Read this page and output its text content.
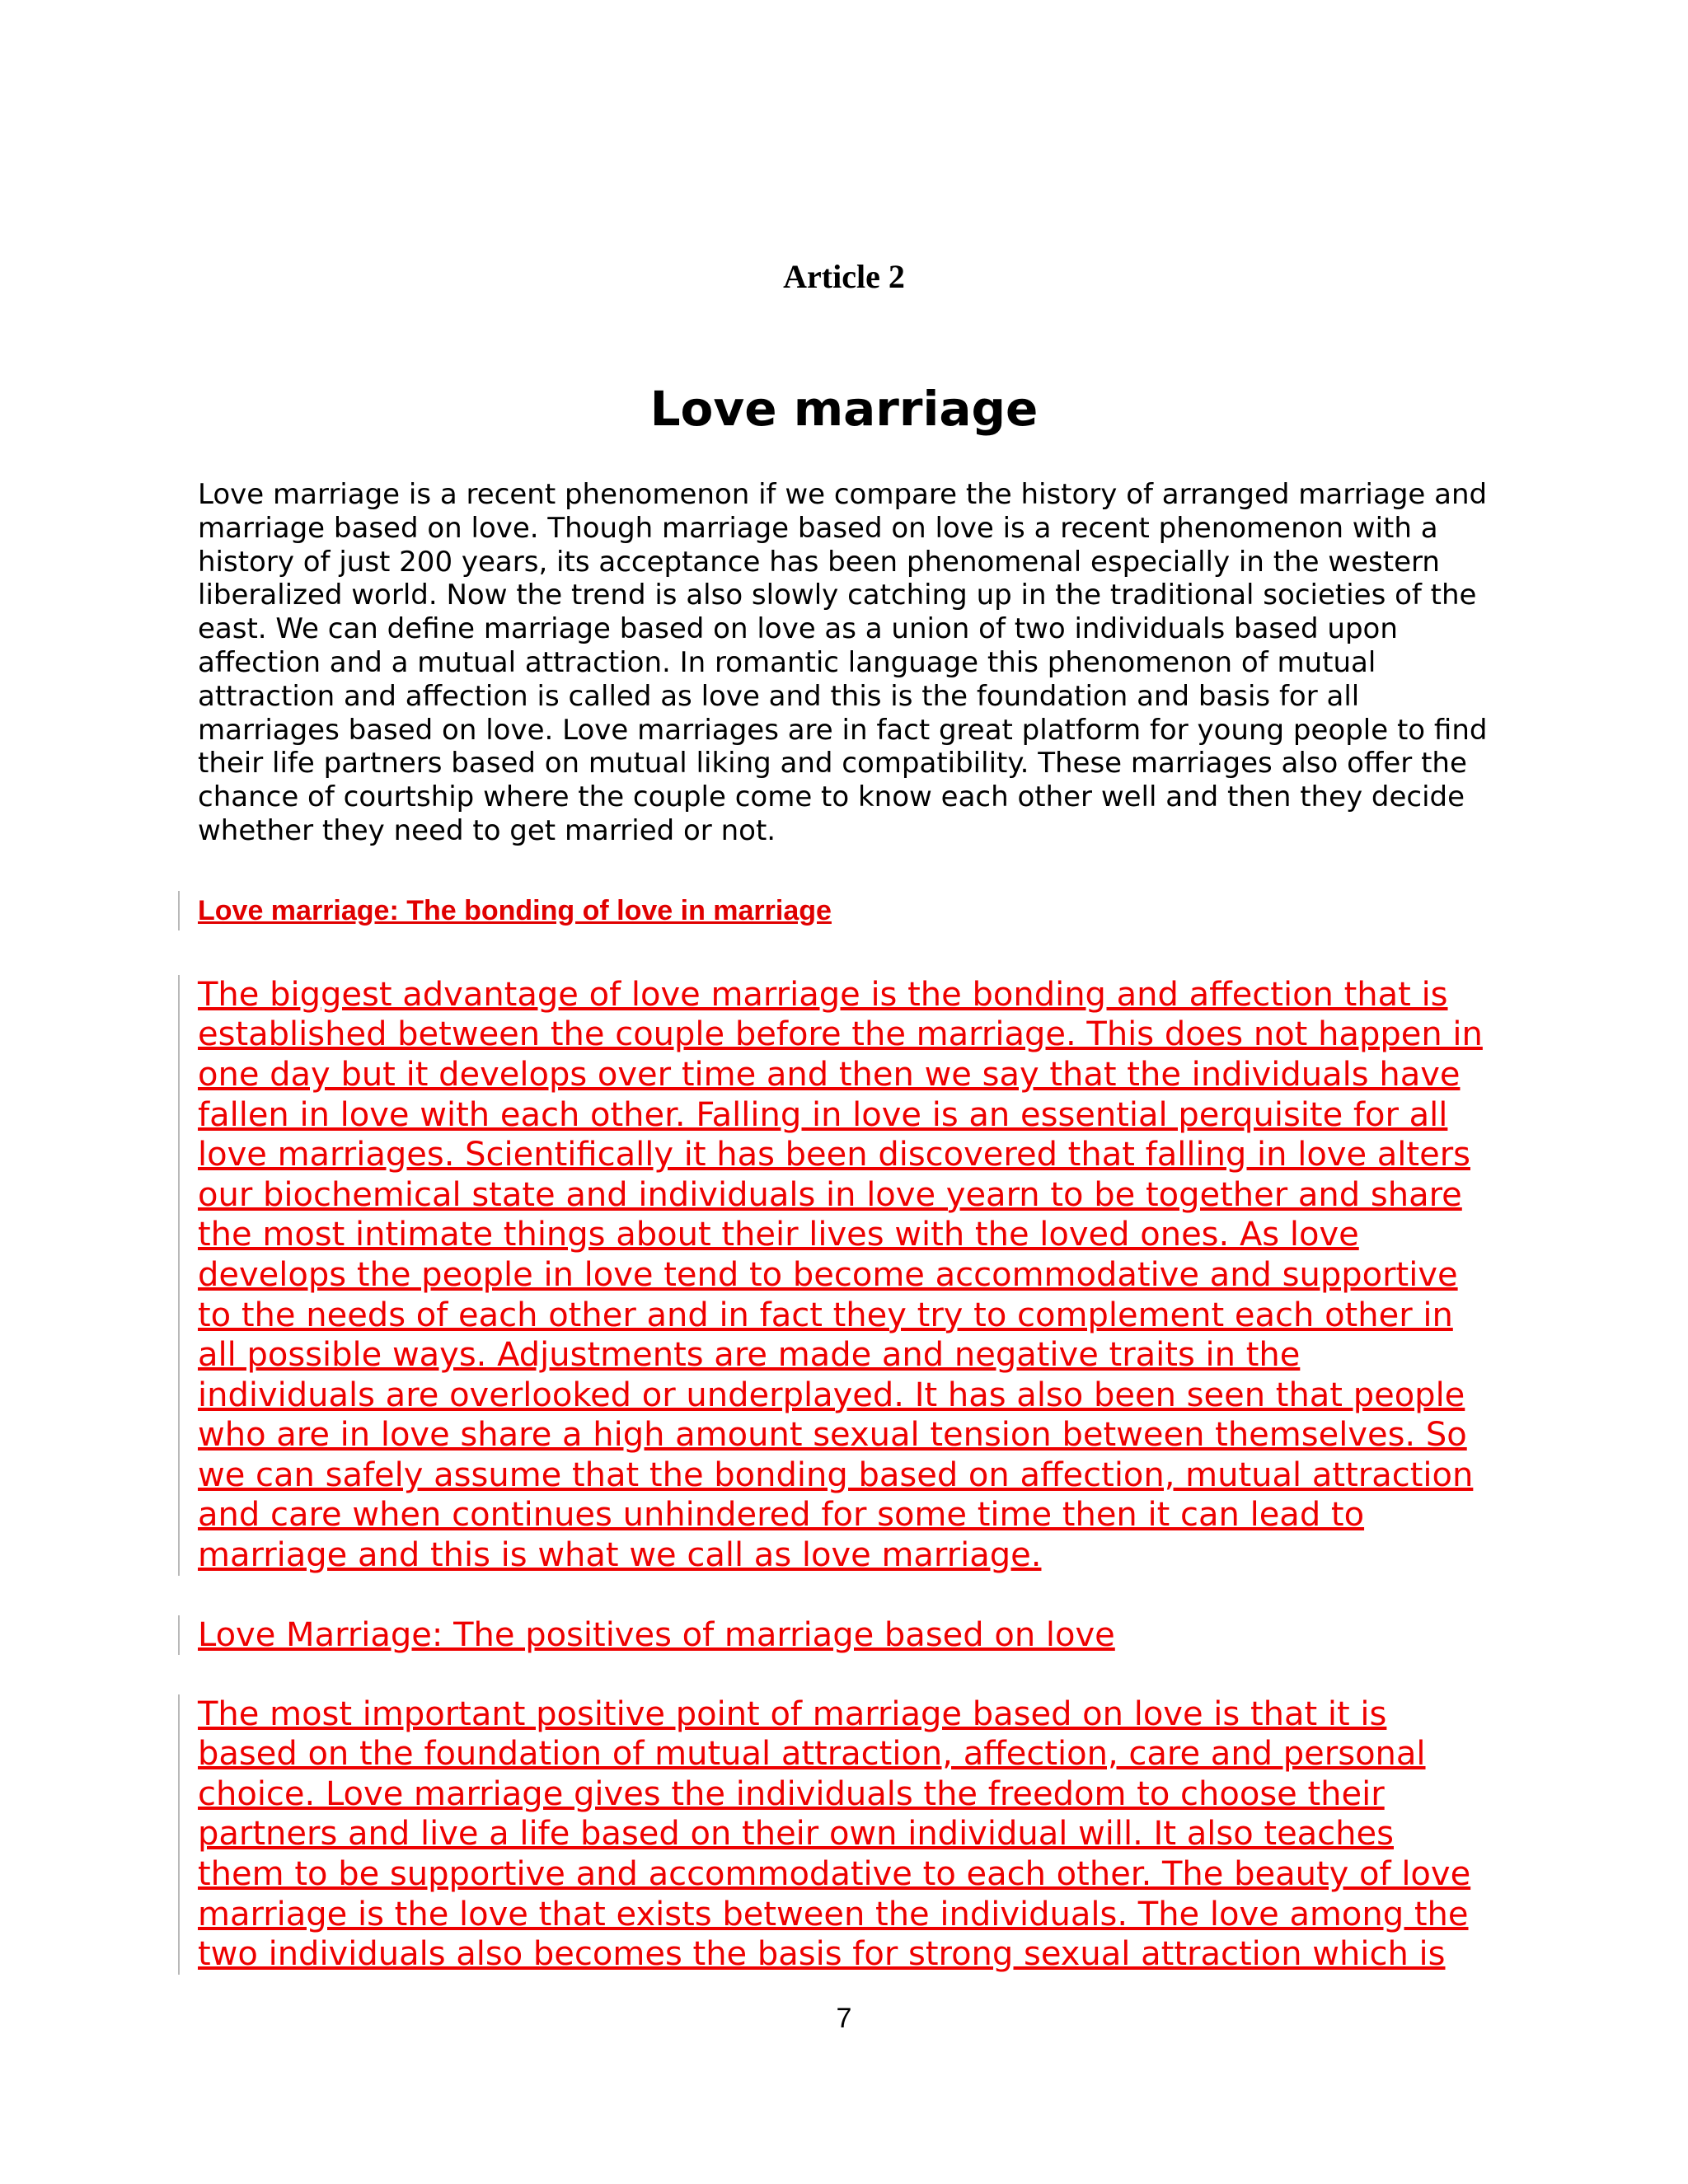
Article 2
Love marriage
Love marriage is a recent phenomenon if we compare the history of arranged marriage and
marriage based on love. Though marriage based on love is a recent phenomenon with a
history of just 200 years, its acceptance has been phenomenal especially in the western
liberalized world. Now the trend is also slowly catching up in the traditional societies of the
east. We can define marriage based on love as a union of two individuals based upon
affection and a mutual attraction. In romantic language this phenomenon of mutual
attraction and affection is called as love and this is the foundation and basis for all
marriages based on love. Love marriages are in fact great platform for young people to find
their life partners based on mutual liking and compatibility. These marriages also offer the
chance of courtship where the couple come to know each other well and then they decide
whether they need to get married or not.
Love marriage: The bonding of love in marriage
The biggest advantage of love marriage is the bonding and affection that is
established between the couple before the marriage. This does not happen in
one day but it develops over time and then we say that the individuals have
fallen in love with each other. Falling in love is an essential perquisite for all
love marriages. Scientifically it has been discovered that falling in love alters
our biochemical state and individuals in love yearn to be together and share
the most intimate things about their lives with the loved ones. As love
develops the people in love tend to become accommodative and supportive
to the needs of each other and in fact they try to complement each other in
all possible ways. Adjustments are made and negative traits in the
individuals are overlooked or underplayed. It has also been seen that people
who are in love share a high amount sexual tension between themselves. So
we can safely assume that the bonding based on affection, mutual attraction
and care when continues unhindered for some time then it can lead to
marriage and this is what we call as love marriage.
Love Marriage: The positives of marriage based on love
The most important positive point of marriage based on love is that it is
based on the foundation of mutual attraction, affection, care and personal
choice. Love marriage gives the individuals the freedom to choose their
partners and live a life based on their own individual will. It also teaches
them to be supportive and accommodative to each other. The beauty of love
marriage is the love that exists between the individuals. The love among the
two individuals also becomes the basis for strong sexual attraction which is
7
